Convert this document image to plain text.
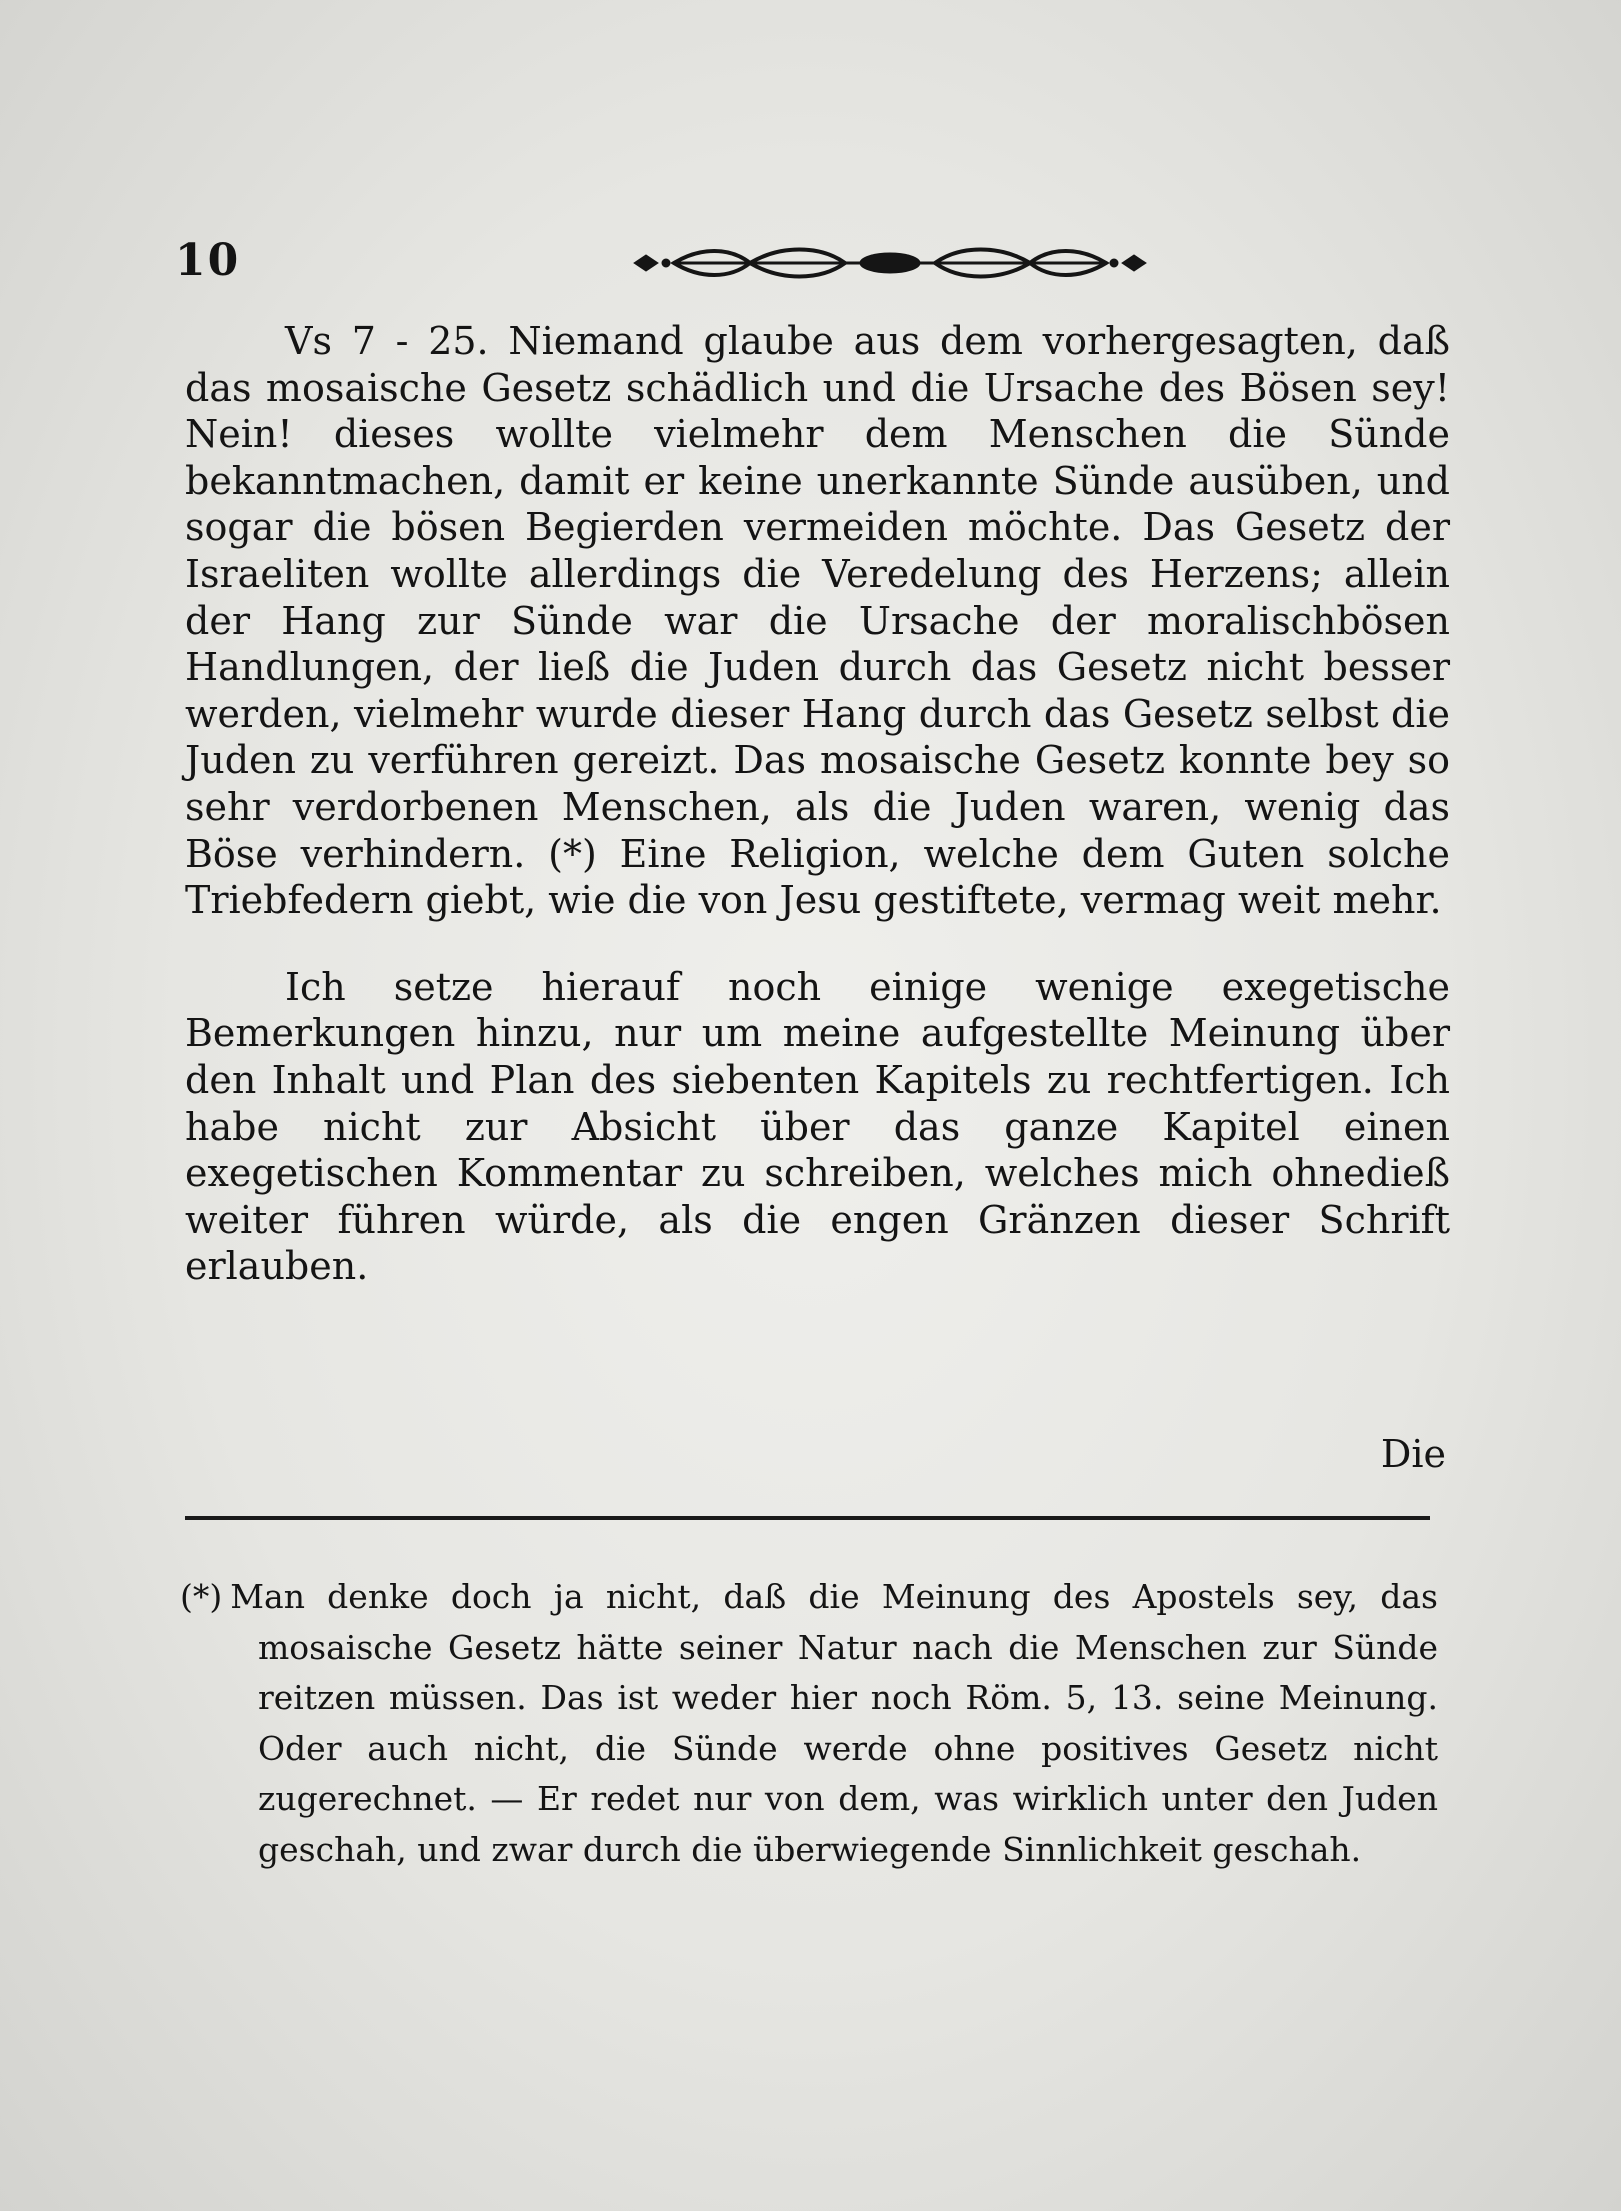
10

Vs 7 - 25. Niemand glaube aus dem vorhergesagten, daß das mosaische Gesetz schädlich und die Ursache des Bösen sey! Nein! dieses wollte vielmehr dem Menschen die Sünde bekanntmachen, damit er keine unerkannte Sünde ausüben, und sogar die bösen Begierden vermeiden möchte. Das Gesetz der Israeliten wollte allerdings die Veredelung des Herzens; allein der Hang zur Sünde war die Ursache der moralischbösen Handlungen, der ließ die Juden durch das Gesetz nicht besser werden, vielmehr wurde dieser Hang durch das Gesetz selbst die Juden zu verführen gereizt. Das mosaische Gesetz konnte bey so sehr verdorbenen Menschen, als die Juden waren, wenig das Böse verhindern. (*) Eine Religion, welche dem Guten solche Triebfedern giebt, wie die von Jesu gestiftete, vermag weit mehr.

Ich setze hierauf noch einige wenige exegetische Bemerkungen hinzu, nur um meine aufgestellte Meinung über den Inhalt und Plan des siebenten Kapitels zu rechtfertigen. Ich habe nicht zur Absicht über das ganze Kapitel einen exegetischen Kommentar zu schreiben, welches mich ohnedieß weiter führen würde, als die engen Gränzen dieser Schrift erlauben.

Die

(*) Man denke doch ja nicht, daß die Meinung des Apostels sey, das mosaische Gesetz hätte seiner Natur nach die Menschen zur Sünde reitzen müssen. Das ist weder hier noch Röm. 5, 13. seine Meinung. Oder auch nicht, die Sünde werde ohne positives Gesetz nicht zugerechnet. — Er redet nur von dem, was wirklich unter den Juden geschah, und zwar durch die überwiegende Sinnlichkeit geschah.
